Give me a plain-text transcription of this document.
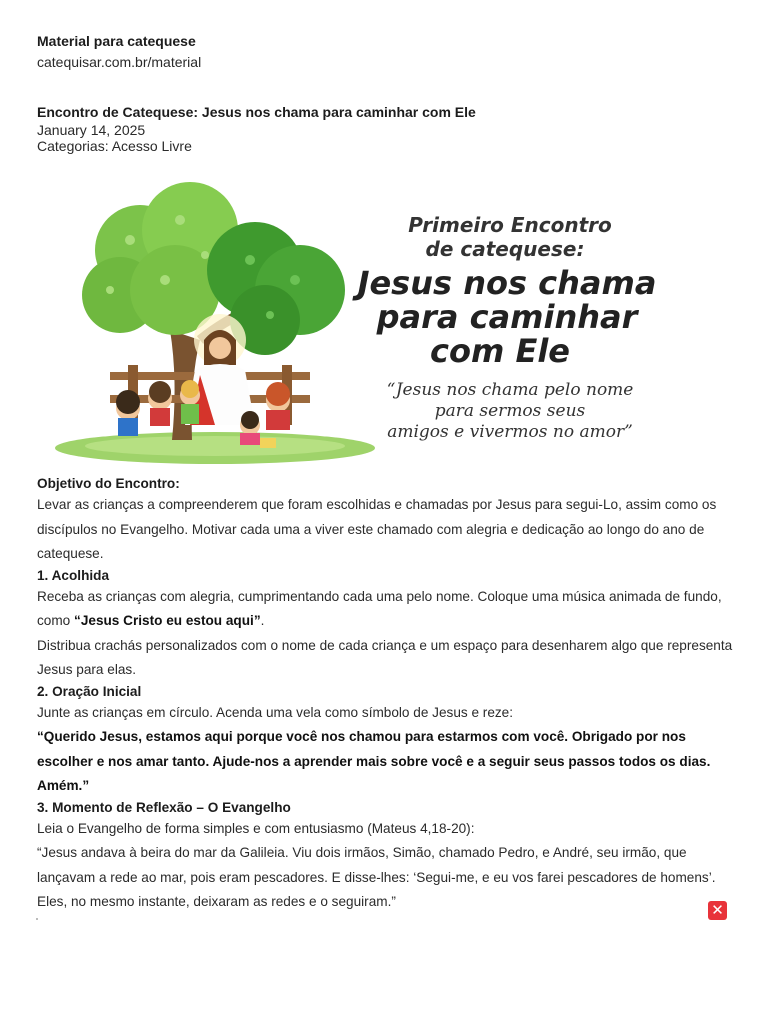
Material para catequese
catequisar.com.br/material
Encontro de Catequese: Jesus nos chama para caminhar com Ele
January 14, 2025
Categorias: Acesso Livre
Primeiro Encontro
de catequese:
Jesus nos chama
para caminhar
com Ele
“Jesus nos chama pelo nome
para sermos seus
amigos e vivermos no amor”

Objetivo do Encontro:

Levar as crianças a compreenderem que foram escolhidas e chamadas por Jesus para segui-Lo, assim como os discípulos no Evangelho. Motivar cada uma a viver este chamado com alegria e dedicação ao longo do ano de catequese.

1. Acolhida

Receba as crianças com alegria, cumprimentando cada uma pelo nome. Coloque uma música animada de fundo, como “Jesus Cristo eu estou aqui”.

Distribua crachás personalizados com o nome de cada criança e um espaço para desenharem algo que representa Jesus para elas.

2. Oração Inicial

Junte as crianças em círculo. Acenda uma vela como símbolo de Jesus e reze:

“Querido Jesus, estamos aqui porque você nos chamou para estarmos com você. Obrigado por nos escolher e nos amar tanto. Ajude-nos a aprender mais sobre você e a seguir seus passos todos os dias. Amém.”

3. Momento de Reflexão – O Evangelho

Leia o Evangelho de forma simples e com entusiasmo (Mateus 4,18-20):

“Jesus andava à beira do mar da Galileia. Viu dois irmãos, Simão, chamado Pedro, e André, seu irmão, que lançavam a rede ao mar, pois eram pescadores. E disse-lhes: ‘Segui-me, e eu vos farei pescadores de homens’. Eles, no mesmo instante, deixaram as redes e o seguiram.”

✕
